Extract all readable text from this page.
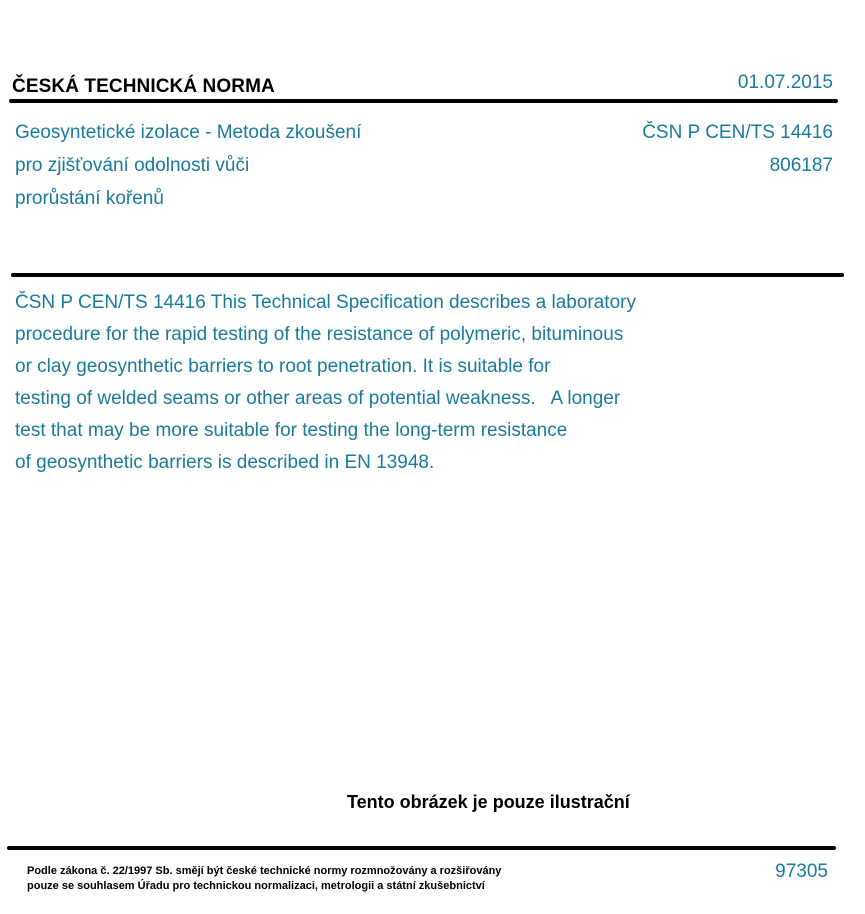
ČESKÁ TECHNICKÁ NORMA	01.07.2015
Geosyntetické izolace - Metoda zkoušení
pro zjišťování odolnosti vůči
prorůstání kořenů
ČSN P CEN/TS 14416
806187
ČSN P CEN/TS 14416 This Technical Specification describes a laboratory
procedure for the rapid testing of the resistance of polymeric, bituminous
or clay geosynthetic barriers to root penetration. It is suitable for
testing of welded seams or other areas of potential weakness.   A longer
test that may be more suitable for testing the long-term resistance
of geosynthetic barriers is described in EN 13948.
Tento obrázek je pouze ilustrační
Podle zákona č. 22/1997 Sb. smějí být české technické normy rozmnožovány a rozšiřovány
pouze se souhlasem Úřadu pro technickou normalizaci, metrologii a státní zkušebnictví
97305
